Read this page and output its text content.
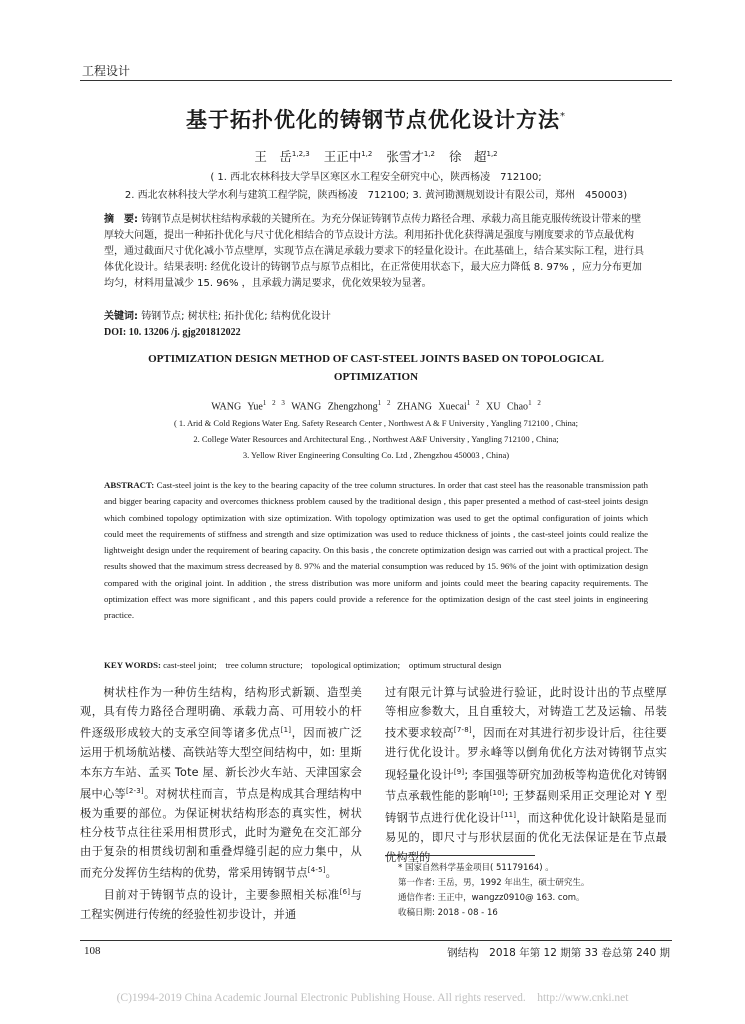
工程设计
基于拓扑优化的铸钢节点优化设计方法*
王　岳$^{1,2,3}$ 王正中$^{1,2}$ 张雪才$^{1,2}$ 徐　超$^{1,2}$
( 1. 西北农林科技大学旱区寒区水工程安全研究中心，陕西杨凌　712100;
2. 西北农林科技大学水利与建筑工程学院，陕西杨凌　712100; 3. 黄河勘测规划设计有限公司，郑州　450003)
摘　要: 铸钢节点是树状柱结构承载的关键所在。为充分保证铸钢节点传力路径合理、承载力高且能克服传统设计带来的壁厚较大问题，提出一种拓扑优化与尺寸优化相结合的节点设计方法。利用拓扑优化获得满足强度与刚度要求的节点最优构型，通过截面尺寸优化减小节点壁厚，实现节点在满足承载力要求下的轻量化设计。在此基础上，结合某实际工程，进行具体优化设计。结果表明: 经优化设计的铸钢节点与原节点相比，在正常使用状态下，最大应力降低 8. 97% ，应力分布更加均匀，材料用量减少 15. 96% ，且承载力满足要求，优化效果较为显著。
关键词: 铸钢节点; 树状柱; 拓扑优化; 结构优化设计
DOI: 10. 13206 /j. gjg201812022
OPTIMIZATION DESIGN METHOD OF CAST-STEEL JOINTS BASED ON TOPOLOGICAL
OPTIMIZATION
WANG Yue$^{1 2 3}$ WANG Zhengzhong$^{1 2}$ ZHANG Xuecai$^{1 2}$ XU Chao$^{1 2}$
( 1. Arid & Cold Regions Water Eng. Safety Research Center , Northwest A & F University , Yangling 712100 , China;
2. College Water Resources and Architectural Eng. , Northwest A&F University , Yangling 712100 , China;
3. Yellow River Engineering Consulting Co. Ltd , Zhengzhou 450003 , China)
ABSTRACT: Cast-steel joint is the key to the bearing capacity of the tree column structures. In order that cast steel has the reasonable transmission path and bigger bearing capacity and overcomes thickness problem caused by the traditional design , this paper presented a method of cast-steel joints design which combined topology optimization with size optimization. With topology optimization was used to get the optimal configuration of joints which could meet the requirements of stiffness and strength and size optimization was used to reduce thickness of joints , the cast-steel joints could realize the lightweight design under the requirement of bearing capacity. On this basis , the concrete optimization design was carried out with a practical project. The results showed that the maximum stress decreased by 8. 97% and the material consumption was reduced by 15. 96% of the joint with optimization design compared with the original joint. In addition , the stress distribution was more uniform and joints could meet the bearing capacity requirements. The optimization effect was more significant , and this papers could provide a reference for the optimization design of the cast steel joints in engineering practice.
KEY WORDS: cast-steel joint;　tree column structure;　topological optimization;　optimum structural design
　　树状柱作为一种仿生结构，结构形式新颖、造型美观，具有传力路径合理明确、承载力高、可用较小的杆件逐级形成较大的支承空间等诸多优点[1]，因而被广泛运用于机场航站楼、高铁站等大型空间结构中，如: 里斯本东方车站、孟买 Tote 屋、新长沙火车站、天津国家会展中心等[2-3]。对树状柱而言，节点是构成其合理结构中极为重要的部位。为保证树状结构形态的真实性，树状柱分枝节点往往采用相贯形式，此时为避免在交汇部分由于复杂的相贯线切割和重叠焊缝引起的应力集中，从而充分发挥仿生结构的优势，常采用铸钢节点[4-5]。
　　目前对于铸钢节点的设计，主要参照相关标准[6]与工程实例进行传统的经验性初步设计，并通
过有限元计算与试验进行验证，此时设计出的节点壁厚等相应参数大，且自重较大，对铸造工艺及运输、吊装技术要求较高[7-8]，因而在对其进行初步设计后，往往要进行优化设计。罗永峰等以倒角优化方法对铸钢节点实现轻量化设计[9]; 李国强等研究加劲板等构造优化对铸钢节点承载性能的影响[10]; 王梦磊则采用正交理论对 Y 型铸钢节点进行优化设计[11]，而这种优化设计缺陷是显而易见的，即尺寸与形状层面的优化无法保证是在节点最优构型的
* 国家自然科学基金项目( 51179164) 。
第一作者: 王岳，男，1992 年出生，硕士研究生。
通信作者: 王正中，wangzz0910@ 163. com。
收稿日期: 2018 - 08 - 16
108	钢结构　2018 年第 12 期第 33 卷总第 240 期
(C)1994-2019 China Academic Journal Electronic Publishing House. All rights reserved.　http://www.cnki.net
